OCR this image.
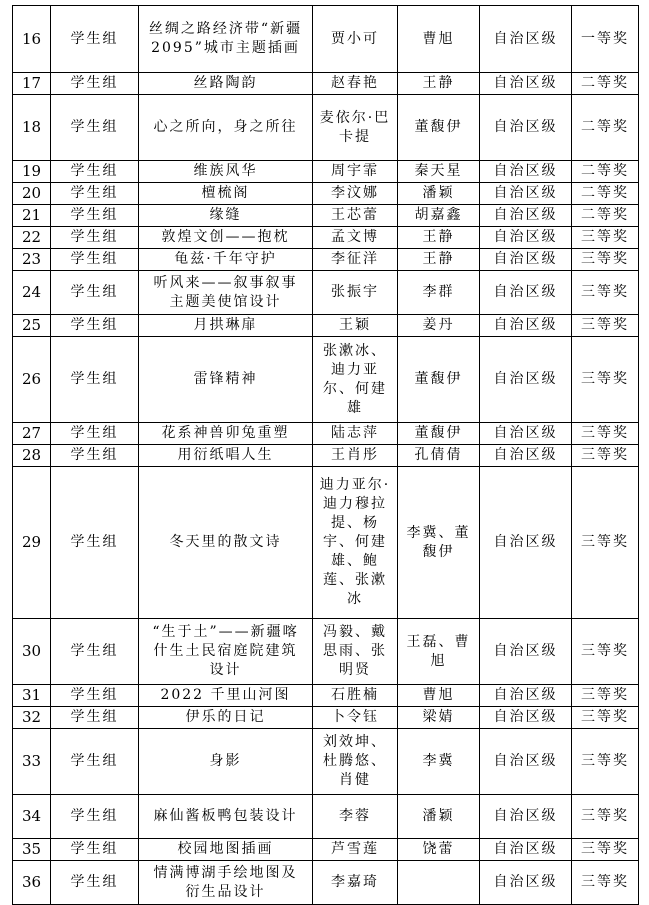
16	学生组	丝绸之路经济带“新疆 2095”城市主题插画	贾小可	曹旭	自治区级	一等奖
17	学生组	丝路陶韵	赵春艳	王静	自治区级	二等奖
18	学生组	心之所向，身之所往	麦依尔·巴卡提	董馥伊	自治区级	二等奖
19	学生组	维族风华	周宇霏	秦天星	自治区级	二等奖
20	学生组	檀梳阁	李汶娜	潘颖	自治区级	二等奖
21	学生组	缘缝	王芯蕾	胡嘉鑫	自治区级	二等奖
22	学生组	敦煌文创——抱枕	孟文博	王静	自治区级	三等奖
23	学生组	龟兹·千年守护	李征洋	王静	自治区级	三等奖
24	学生组	听风来——叙事叙事主题美使馆设计	张振宇	李群	自治区级	三等奖
25	学生组	月拱琳扉	王颖	姜丹	自治区级	三等奖
26	学生组	雷锋精神	张漱冰、迪力亚尔、何建雄	董馥伊	自治区级	三等奖
27	学生组	花系神兽卯兔重塑	陆志萍	董馥伊	自治区级	三等奖
28	学生组	用衍纸唱人生	王肖彤	孔倩倩	自治区级	三等奖
29	学生组	冬天里的散文诗	迪力亚尔·迪力穆拉提、杨宇、何建雄、鲍莲、张漱冰	李冀、董馥伊	自治区级	三等奖
30	学生组	“生于土”——新疆喀什生土民宿庭院建筑设计	冯毅、戴思雨、张明贤	王磊、曹旭	自治区级	三等奖
31	学生组	2022 千里山河图	石胜楠	曹旭	自治区级	三等奖
32	学生组	伊乐的日记	卜令钰	梁婧	自治区级	三等奖
33	学生组	身影	刘效坤、杜腾悠、肖健	李冀	自治区级	三等奖
34	学生组	麻仙酱板鸭包装设计	李蓉	潘颖	自治区级	三等奖
35	学生组	校园地图插画	芦雪莲	饶蕾	自治区级	三等奖
36	学生组	情满博湖手绘地图及衍生品设计	李嘉琦		自治区级	三等奖
